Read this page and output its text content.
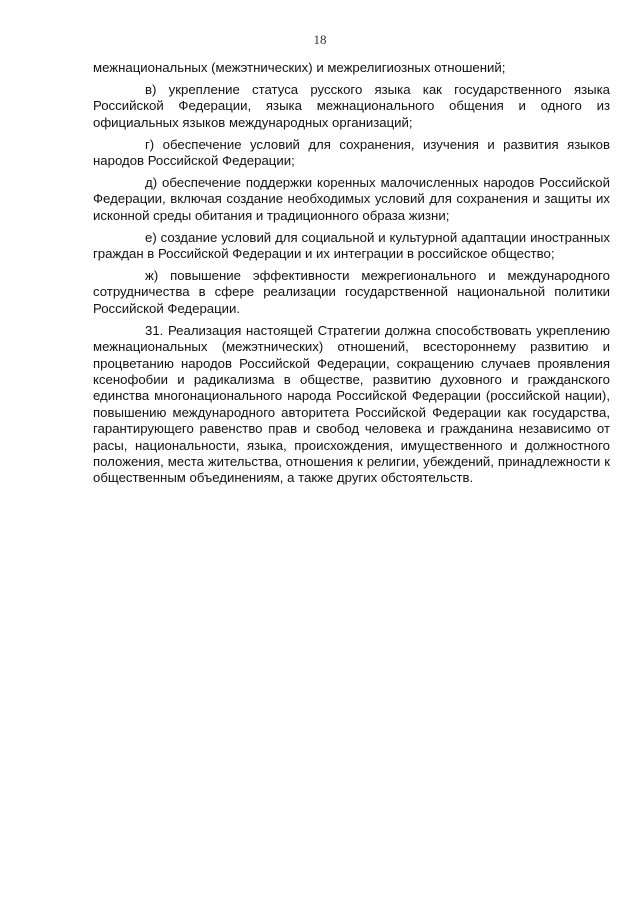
18

межнациональных (межэтнических) и межрелигиозных отношений;

в) укрепление статуса русского языка как государственного языка Российской Федерации, языка межнационального общения и одного из официальных языков международных организаций;

г) обеспечение условий для сохранения, изучения и развития языков народов Российской Федерации;

д) обеспечение поддержки коренных малочисленных народов Российской Федерации, включая создание необходимых условий для сохранения и защиты их исконной среды обитания и традиционного образа жизни;

е) создание условий для социальной и культурной адаптации иностранных граждан в Российской Федерации и их интеграции в российское общество;

ж) повышение эффективности межрегионального и международного сотрудничества в сфере реализации государственной национальной политики Российской Федерации.

31. Реализация настоящей Стратегии должна способствовать укреплению межнациональных (межэтнических) отношений, всестороннему развитию и процветанию народов Российской Федерации, сокращению случаев проявления ксенофобии и радикализма в обществе, развитию духовного и гражданского единства многонационального народа Российской Федерации (российской нации), повышению международного авторитета Российской Федерации как государства, гарантирующего равенство прав и свобод человека и гражданина независимо от расы, национальности, языка, происхождения, имущественного и должностного положения, места жительства, отношения к религии, убеждений, принадлежности к общественным объединениям, а также других обстоятельств.
